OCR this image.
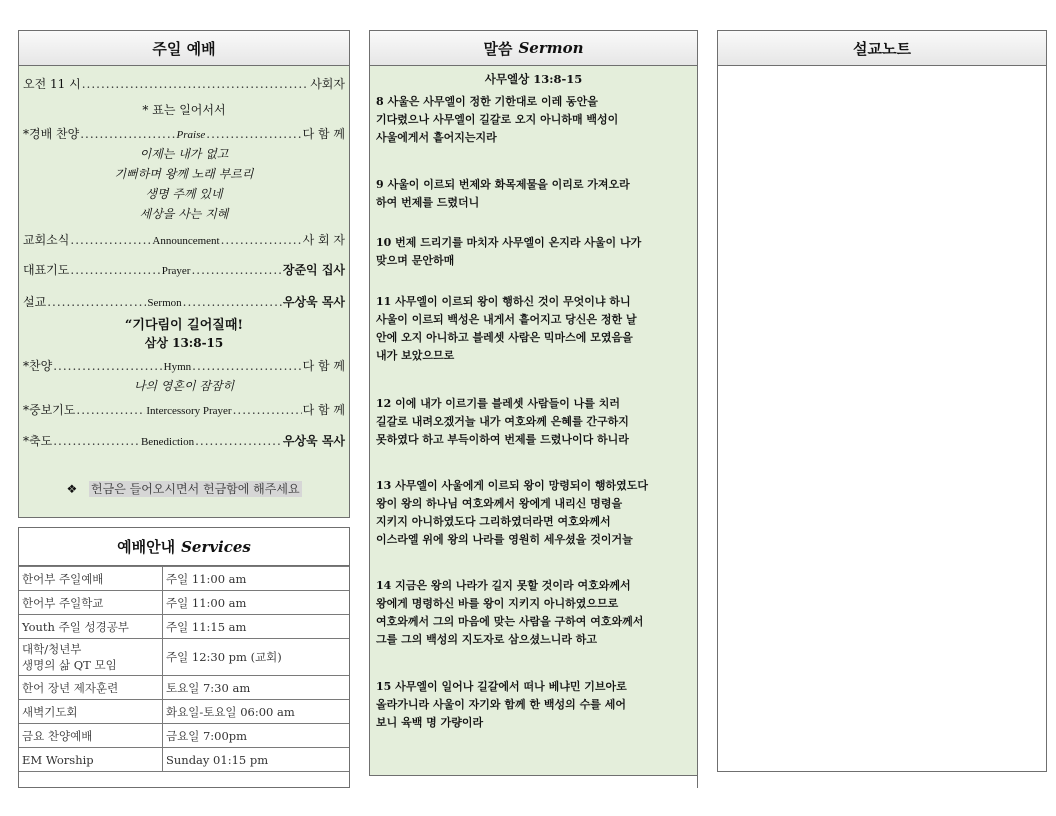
주일 예배
오전 11 시 .....	사회자
* 표는 일어서서
*경배 찬양 .....	Praise .....	다 함 께
이제는 내가 없고
기뻐하며 왕께 노래 부르리
생명 주께 있네
세상을 사는 지혜
교회소식 .....	Announcement .....	사 회 자
대표기도 .....	Prayer .....	장준익 집사
설교 .....	Sermon .....	우상욱 목사
“기다림이 길어질때!
삼상 13:8-15
*찬양 .....	Hymn .....	다 함 께
나의 영혼이 잠잠히
*중보기도 .....	Intercessory Prayer .....	다 함 께
*축도 .....	Benediction .....	우상욱 목사
❖ 헌금은 들어오시면서 헌금함에 해주세요
예배안내 Services
한어부 주일예배	주일 11:00 am
한어부 주일학교	주일 11:00 am
Youth 주일 성경공부	주일 11:15 am
대학/청년부
생명의 삶 QT 모임	주일 12:30 pm (교회)
한어 장년 제자훈련	토요일 7:30 am
새벽기도회	화요일-토요일 06:00 am
금요 찬양예배	금요일 7:00pm
EM Worship	Sunday 01:15 pm
말씀 Sermon
사무엘상 13:8-15
8 사울은 사무엘이 정한 기한대로 이레 동안을
기다렸으나 사무엘이 길갈로 오지 아니하매 백성이
사울에게서 흩어지는지라
9 사울이 이르되 번제와 화목제물을 이리로 가져오라
하여 번제를 드렸더니
10 번제 드리기를 마치자 사무엘이 온지라 사울이 나가
맞으며 문안하매
11 사무엘이 이르되 왕이 행하신 것이 무엇이냐 하니
사울이 이르되 백성은 내게서 흩어지고 당신은 정한 날
안에 오지 아니하고 블레셋 사람은 믹마스에 모였음을
내가 보았으므로
12 이에 내가 이르기를 블레셋 사람들이 나를 치러
길갈로 내려오겠거늘 내가 여호와께 은혜를 간구하지
못하였다 하고 부득이하여 번제를 드렸나이다 하니라
13 사무엘이 사울에게 이르되 왕이 망령되이 행하였도다
왕이 왕의 하나님 여호와께서 왕에게 내리신 명령을
지키지 아니하였도다 그리하였더라면 여호와께서
이스라엘 위에 왕의 나라를 영원히 세우셨을 것이거늘
14 지금은 왕의 나라가 길지 못할 것이라 여호와께서
왕에게 명령하신 바를 왕이 지키지 아니하였으므로
여호와께서 그의 마음에 맞는 사람을 구하여 여호와께서
그를 그의 백성의 지도자로 삼으셨느니라 하고
15 사무엘이 일어나 길갈에서 떠나 베냐민 기브아로
올라가니라 사울이 자기와 함께 한 백성의 수를 세어
보니 육백 명 가량이라
설교노트
